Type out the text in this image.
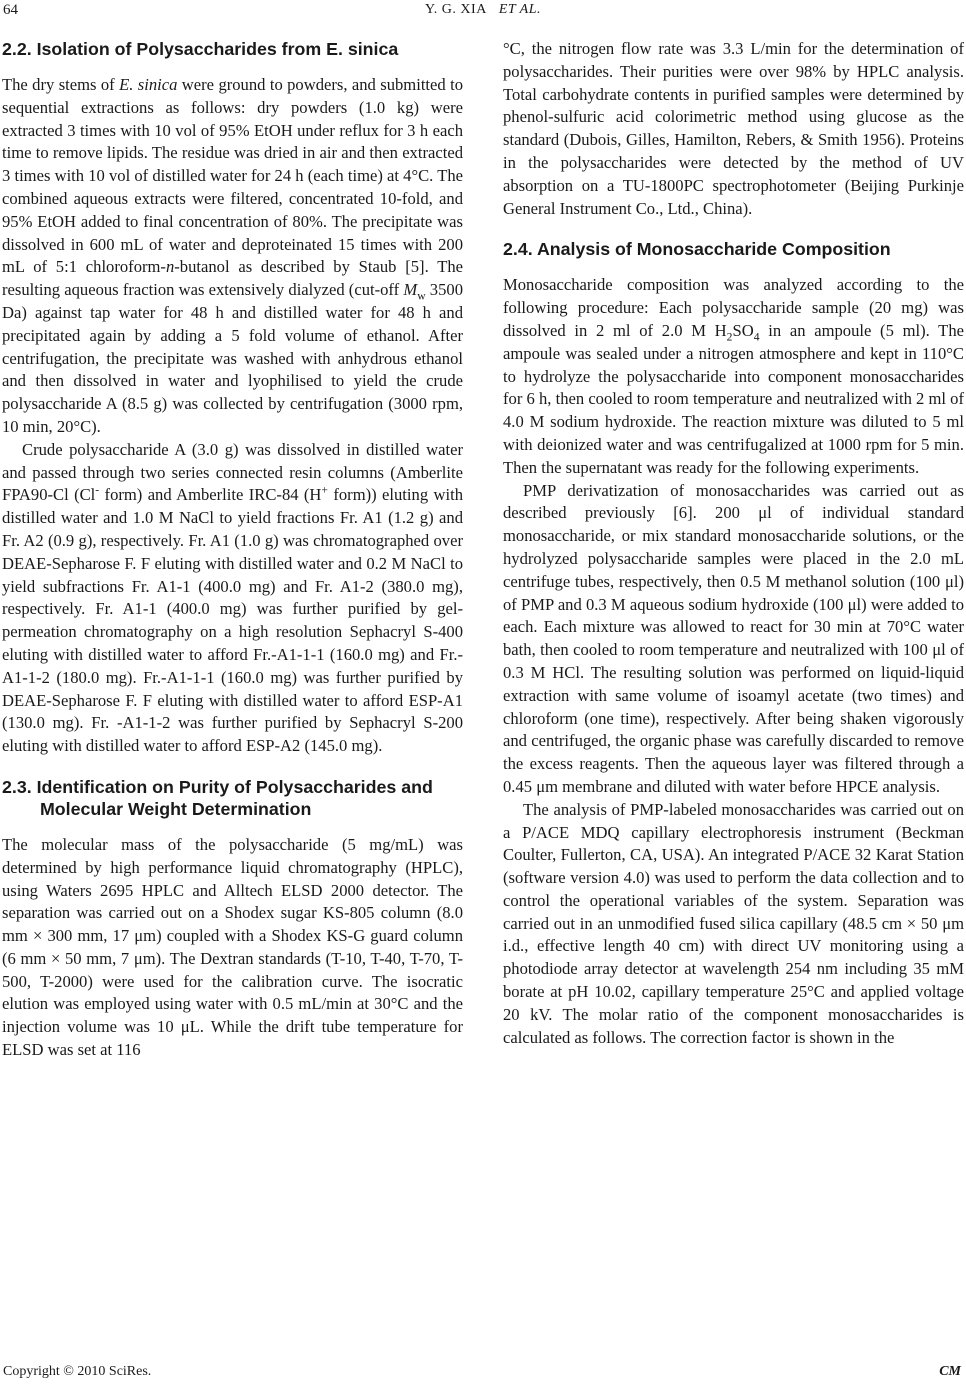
64	Y. G. XIA ET AL.
2.2. Isolation of Polysaccharides from E. sinica

The dry stems of E. sinica were ground to powders, and submitted to sequential extractions as follows: dry powders (1.0 kg) were extracted 3 times with 10 vol of 95% EtOH under reflux for 3 h each time to remove lipids. The residue was dried in air and then extracted 3 times with 10 vol of distilled water for 24 h (each time) at 4°C. The combined aqueous extracts were filtered, concentrated 10-fold, and 95% EtOH added to final concentration of 80%. The precipitate was dissolved in 600 mL of water and deproteinated 15 times with 200 mL of 5:1 chloroform-n-butanol as described by Staub [5]. The resulting aqueous fraction was extensively dialyzed (cut-off $M_w$ 3500 Da) against tap water for 48 h and distilled water for 48 h and precipitated again by adding a 5 fold volume of ethanol. After centrifugation, the precipitate was washed with anhydrous ethanol and then dissolved in water and lyophilised to yield the crude polysaccharide A (8.5 g) was collected by centrifugation (3000 rpm, 10 min, 20°C).

Crude polysaccharide A (3.0 g) was dissolved in distilled water and passed through two series connected resin columns (Amberlite FPA90-Cl (Cl- form) and Amberlite IRC-84 (H+ form)) eluting with distilled water and 1.0 M NaCl to yield fractions Fr. A1 (1.2 g) and Fr. A2 (0.9 g), respectively. Fr. A1 (1.0 g) was chromatographed over DEAE-Sepharose F. F eluting with distilled water and 0.2 M NaCl to yield subfractions Fr. A1-1 (400.0 mg) and Fr. A1-2 (380.0 mg), respectively. Fr. A1-1 (400.0 mg) was further purified by gel-permeation chromatography on a high resolution Sephacryl S-400 eluting with distilled water to afford Fr.-A1-1-1 (160.0 mg) and Fr.-A1-1-2 (180.0 mg). Fr.-A1-1-1 (160.0 mg) was further purified by DEAE-Sepharose F. F eluting with distilled water to afford ESP-A1 (130.0 mg). Fr. -A1-1-2 was further purified by Sephacryl S-200 eluting with distilled water to afford ESP-A2 (145.0 mg).

2.3. Identification on Purity of Polysaccharides and Molecular Weight Determination

The molecular mass of the polysaccharide (5 mg/mL) was determined by high performance liquid chromatography (HPLC), using Waters 2695 HPLC and Alltech ELSD 2000 detector. The separation was carried out on a Shodex sugar KS-805 column (8.0 mm × 300 mm, 17 μm) coupled with a Shodex KS-G guard column (6 mm × 50 mm, 7 μm). The Dextran standards (T-10, T-40, T-70, T-500, T-2000) were used for the calibration curve. The isocratic elution was employed using water with 0.5 mL/min at 30°C and the injection volume was 10 μL. While the drift tube temperature for ELSD was set at 116

°C, the nitrogen flow rate was 3.3 L/min for the determination of polysaccharides. Their purities were over 98% by HPLC analysis. Total carbohydrate contents in purified samples were determined by phenol-sulfuric acid colorimetric method using glucose as the standard (Dubois, Gilles, Hamilton, Rebers, & Smith 1956). Proteins in the polysaccharides were detected by the method of UV absorption on a TU-1800PC spectrophotometer (Beijing Purkinje General Instrument Co., Ltd., China).

2.4. Analysis of Monosaccharide Composition

Monosaccharide composition was analyzed according to the following procedure: Each polysaccharide sample (20 mg) was dissolved in 2 ml of 2.0 M $H_2SO_4$ in an ampoule (5 ml). The ampoule was sealed under a nitrogen atmosphere and kept in 110°C to hydrolyze the polysaccharide into component monosaccharides for 6 h, then cooled to room temperature and neutralized with 2 ml of 4.0 M sodium hydroxide. The reaction mixture was diluted to 5 ml with deionized water and was centrifugalized at 1000 rpm for 5 min. Then the supernatant was ready for the following experiments.

PMP derivatization of monosaccharides was carried out as described previously [6]. 200 μl of individual standard monosaccharide, or mix standard monosaccharide solutions, or the hydrolyzed polysaccharide samples were placed in the 2.0 mL centrifuge tubes, respectively, then 0.5 M methanol solution (100 μl) of PMP and 0.3 M aqueous sodium hydroxide (100 μl) were added to each. Each mixture was allowed to react for 30 min at 70°C water bath, then cooled to room temperature and neutralized with 100 μl of 0.3 M HCl. The resulting solution was performed on liquid-liquid extraction with same volume of isoamyl acetate (two times) and chloroform (one time), respectively. After being shaken vigorously and centrifuged, the organic phase was carefully discarded to remove the excess reagents. Then the aqueous layer was filtered through a 0.45 μm membrane and diluted with water before HPCE analysis.

The analysis of PMP-labeled monosaccharides was carried out on a P/ACE MDQ capillary electrophoresis instrument (Beckman Coulter, Fullerton, CA, USA). An integrated P/ACE 32 Karat Station (software version 4.0) was used to perform the data collection and to control the operational variables of the system. Separation was carried out in an unmodified fused silica capillary (48.5 cm × 50 μm i.d., effective length 40 cm) with direct UV monitoring using a photodiode array detector at wavelength 254 nm including 35 mM borate at pH 10.02, capillary temperature 25°C and applied voltage 20 kV. The molar ratio of the component monosaccharides is calculated as follows. The correction factor is shown in the

Copyright © 2010 SciRes.	CM
